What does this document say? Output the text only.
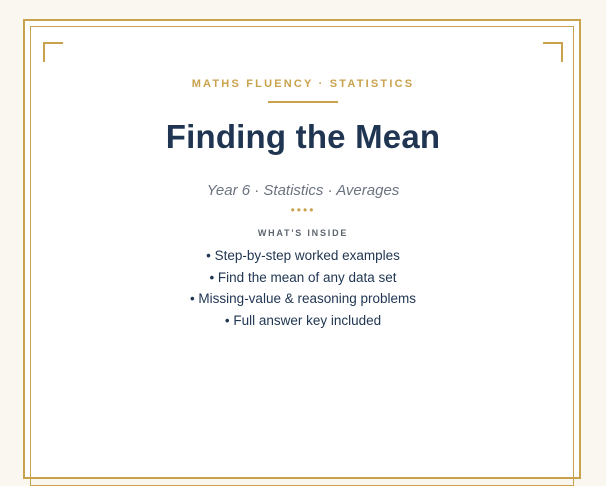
MATHS FLUENCY · STATISTICS
Finding the Mean
Year 6 · Statistics · Averages
••••
WHAT'S INSIDE
• Step-by-step worked examples
• Find the mean of any data set
• Missing-value & reasoning problems
• Full answer key included
